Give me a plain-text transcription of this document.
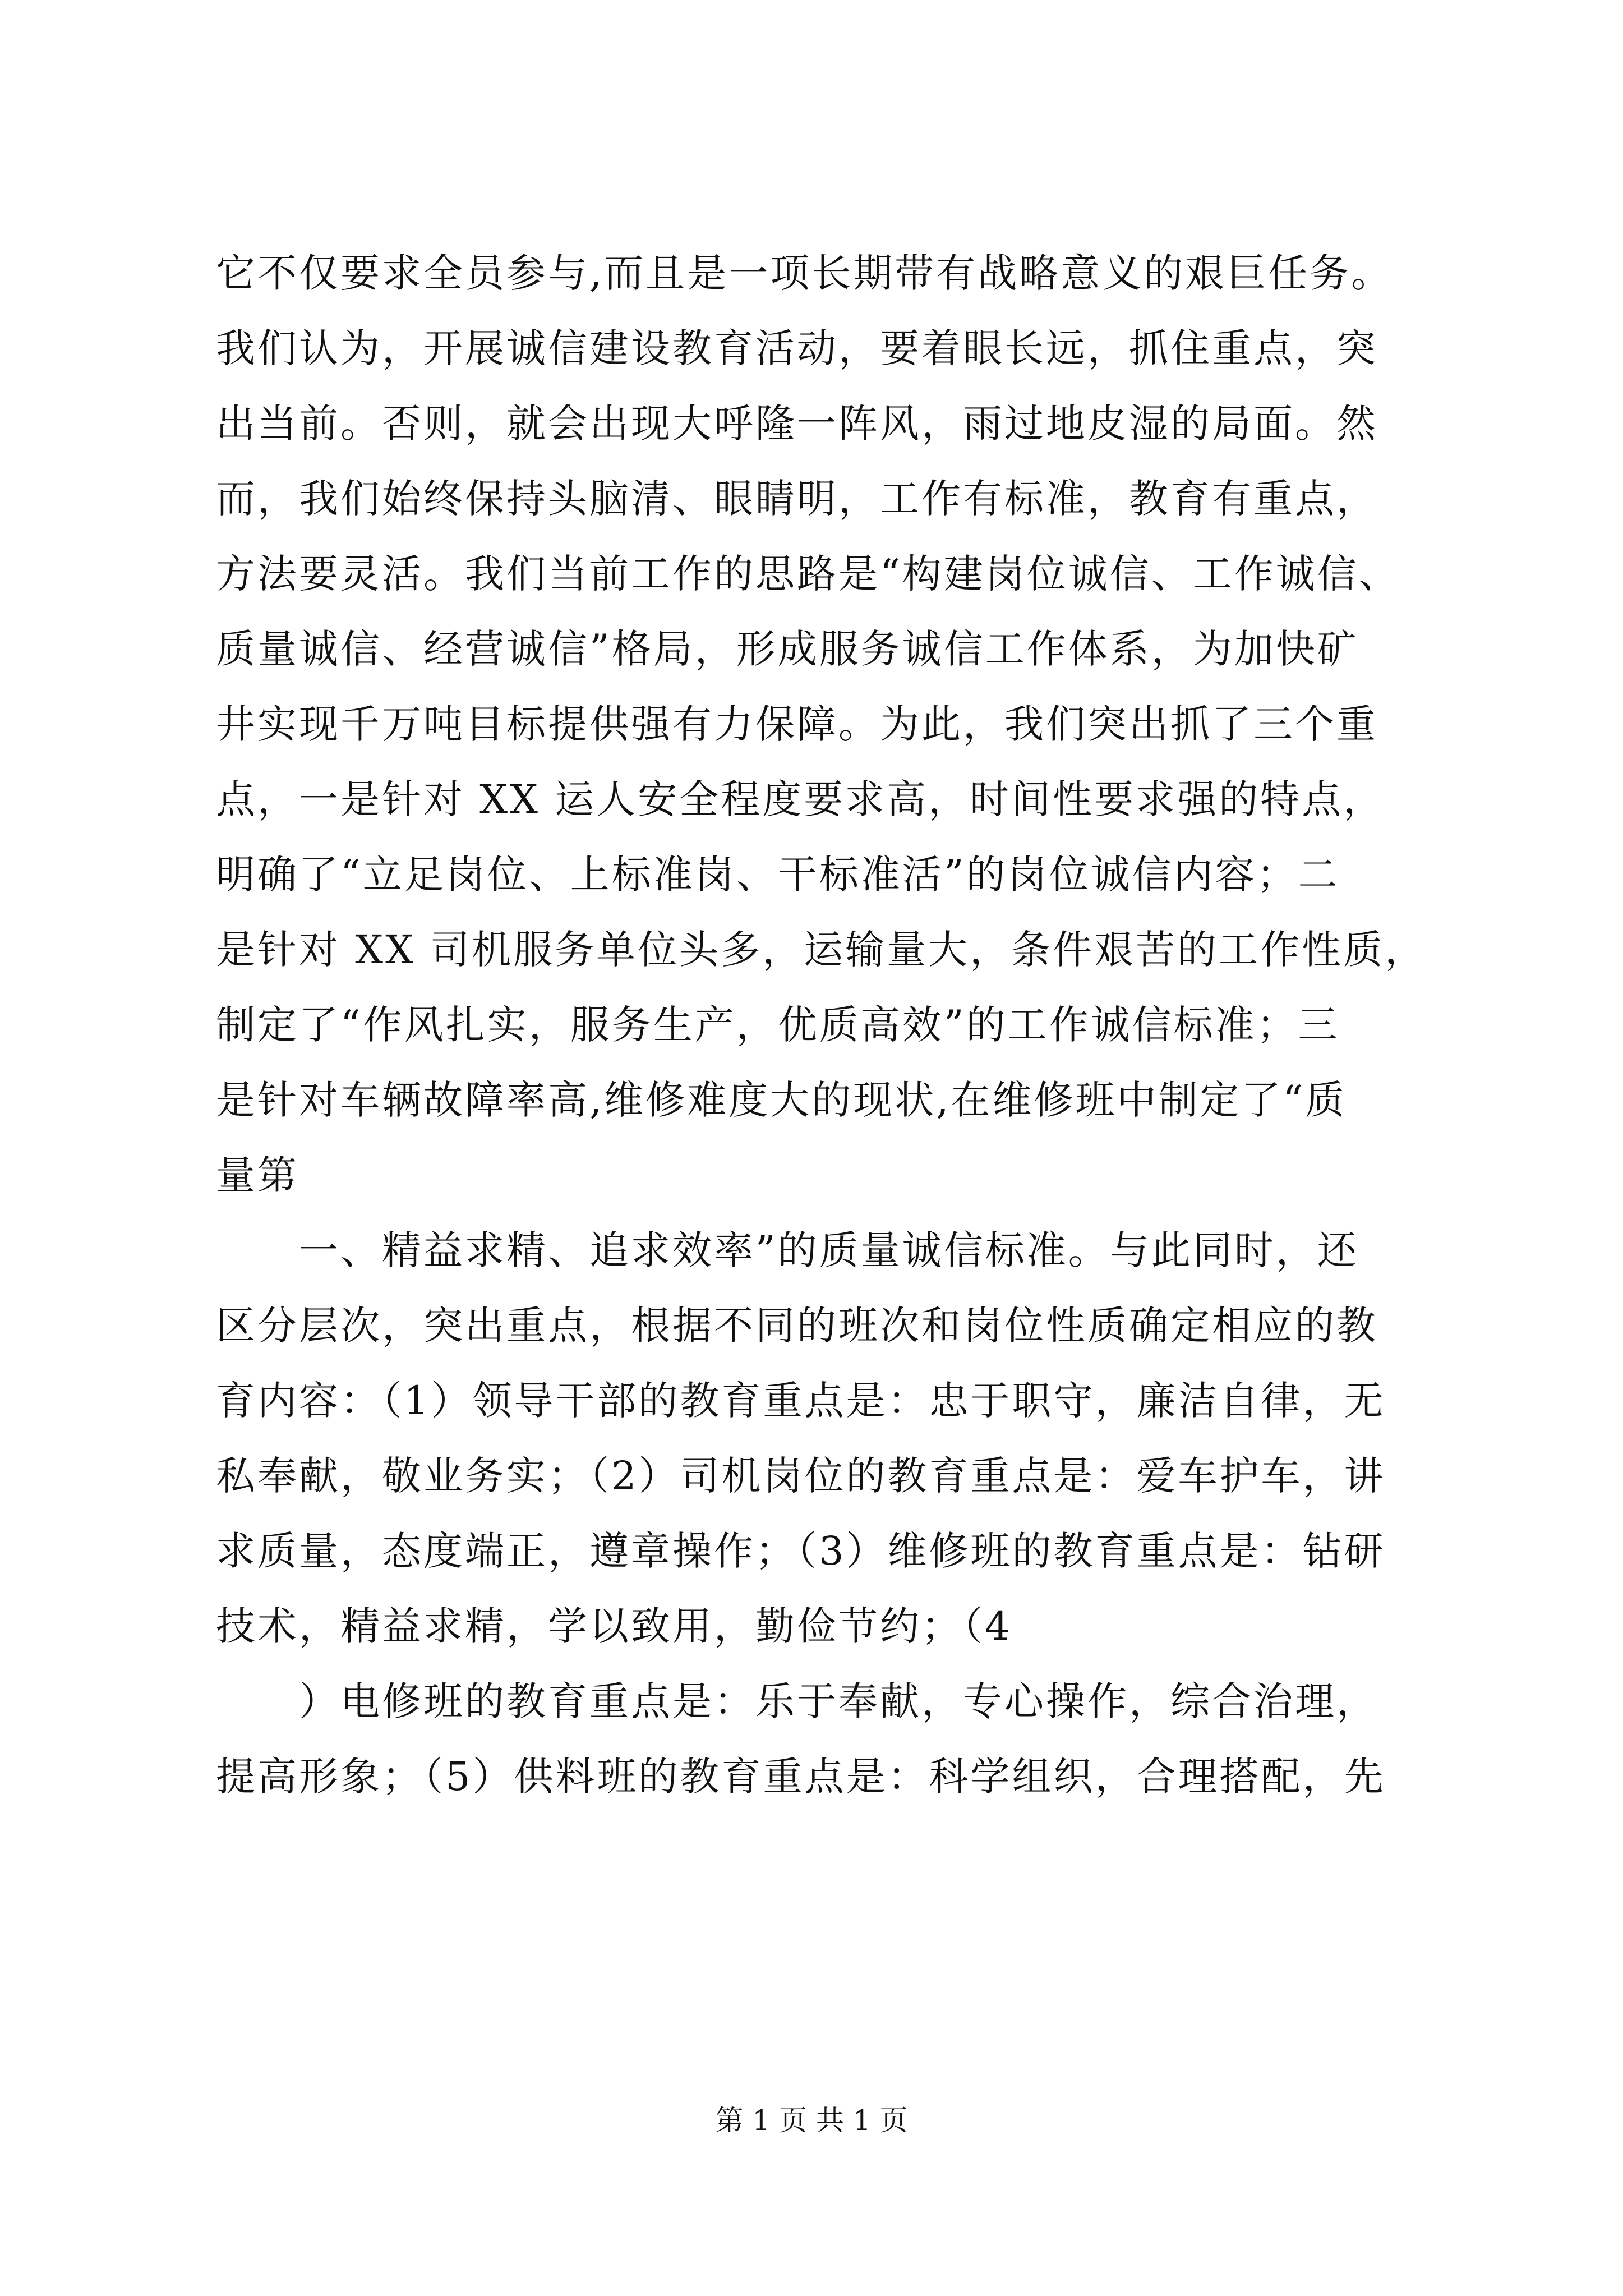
它不仅要求全员参与,而且是一项长期带有战略意义的艰巨任务。
我们认为，开展诚信建设教育活动，要着眼长远，抓住重点，突
出当前。否则，就会出现大呼隆一阵风，雨过地皮湿的局面。然
而，我们始终保持头脑清、眼睛明，工作有标准，教育有重点，
方法要灵活。我们当前工作的思路是“构建岗位诚信、工作诚信、
质量诚信、经营诚信”格局，形成服务诚信工作体系，为加快矿
井实现千万吨目标提供强有力保障。为此，我们突出抓了三个重
点，一是针对 XX 运人安全程度要求高，时间性要求强的特点，
明确了“立足岗位、上标准岗、干标准活”的岗位诚信内容；二
是针对 XX 司机服务单位头多，运输量大，条件艰苦的工作性质，
制定了“作风扎实，服务生产，优质高效”的工作诚信标准；三
是针对车辆故障率高,维修难度大的现状,在维修班中制定了“质
量第
一、精益求精、追求效率”的质量诚信标准。与此同时，还
区分层次，突出重点，根据不同的班次和岗位性质确定相应的教
育内容：（1）领导干部的教育重点是：忠于职守，廉洁自律，无
私奉献，敬业务实；（2）司机岗位的教育重点是：爱车护车，讲
求质量，态度端正，遵章操作；（3）维修班的教育重点是：钻研
技术，精益求精，学以致用，勤俭节约；（4
）电修班的教育重点是：乐于奉献，专心操作，综合治理，
提高形象；（5）供料班的教育重点是：科学组织，合理搭配，先
第 1 页 共 1 页
